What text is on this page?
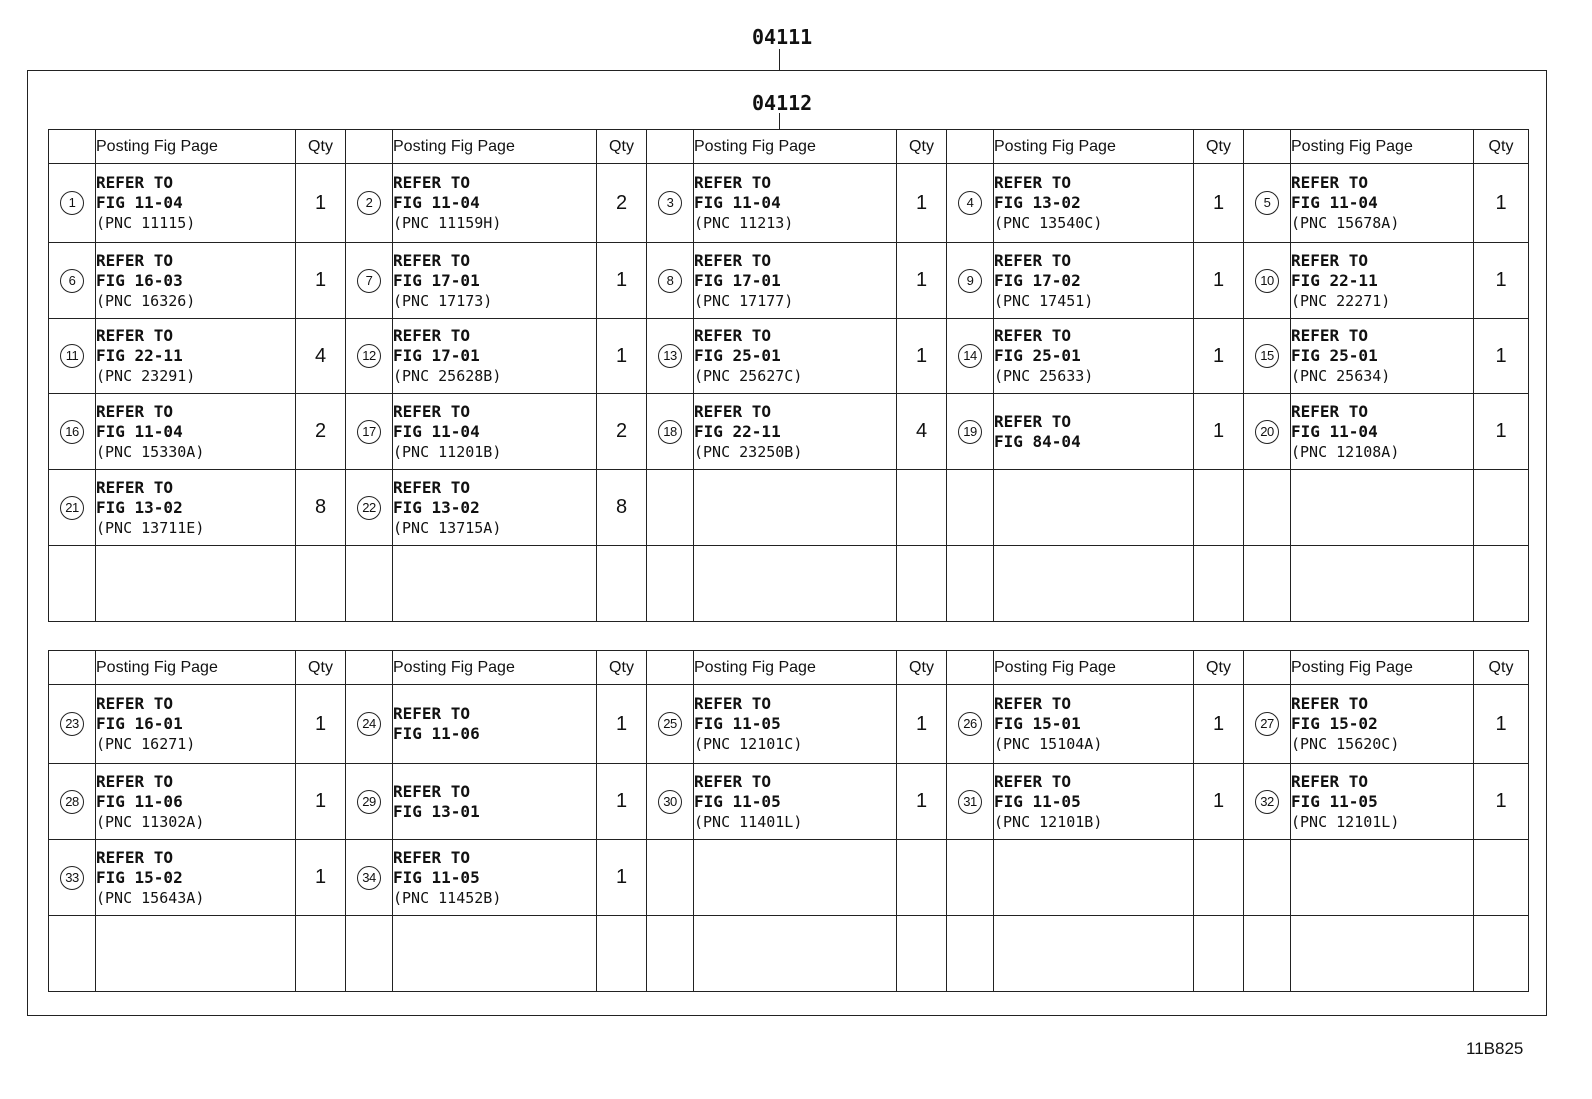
04111
04112
	Posting Fig Page	Qty		Posting Fig Page	Qty		Posting Fig Page	Qty		Posting Fig Page	Qty		Posting Fig Page	Qty
1	REFER TO
FIG 11-04
(PNC 11115)	1	2	REFER TO
FIG 11-04
(PNC 11159H)	2	3	REFER TO
FIG 11-04
(PNC 11213)	1	4	REFER TO
FIG 13-02
(PNC 13540C)	1	5	REFER TO
FIG 11-04
(PNC 15678A)	1
6	REFER TO
FIG 16-03
(PNC 16326)	1	7	REFER TO
FIG 17-01
(PNC 17173)	1	8	REFER TO
FIG 17-01
(PNC 17177)	1	9	REFER TO
FIG 17-02
(PNC 17451)	1	10	REFER TO
FIG 22-11
(PNC 22271)	1
11	REFER TO
FIG 22-11
(PNC 23291)	4	12	REFER TO
FIG 17-01
(PNC 25628B)	1	13	REFER TO
FIG 25-01
(PNC 25627C)	1	14	REFER TO
FIG 25-01
(PNC 25633)	1	15	REFER TO
FIG 25-01
(PNC 25634)	1
16	REFER TO
FIG 11-04
(PNC 15330A)	2	17	REFER TO
FIG 11-04
(PNC 11201B)	2	18	REFER TO
FIG 22-11
(PNC 23250B)	4	19	REFER TO
FIG 84-04	1	20	REFER TO
FIG 11-04
(PNC 12108A)	1
21	REFER TO
FIG 13-02
(PNC 13711E)	8	22	REFER TO
FIG 13-02
(PNC 13715A)	8									

	Posting Fig Page	Qty		Posting Fig Page	Qty		Posting Fig Page	Qty		Posting Fig Page	Qty		Posting Fig Page	Qty
23	REFER TO
FIG 16-01
(PNC 16271)	1	24	REFER TO
FIG 11-06	1	25	REFER TO
FIG 11-05
(PNC 12101C)	1	26	REFER TO
FIG 15-01
(PNC 15104A)	1	27	REFER TO
FIG 15-02
(PNC 15620C)	1
28	REFER TO
FIG 11-06
(PNC 11302A)	1	29	REFER TO
FIG 13-01	1	30	REFER TO
FIG 11-05
(PNC 11401L)	1	31	REFER TO
FIG 11-05
(PNC 12101B)	1	32	REFER TO
FIG 11-05
(PNC 12101L)	1
33	REFER TO
FIG 15-02
(PNC 15643A)	1	34	REFER TO
FIG 11-05
(PNC 11452B)	1									

11B825
